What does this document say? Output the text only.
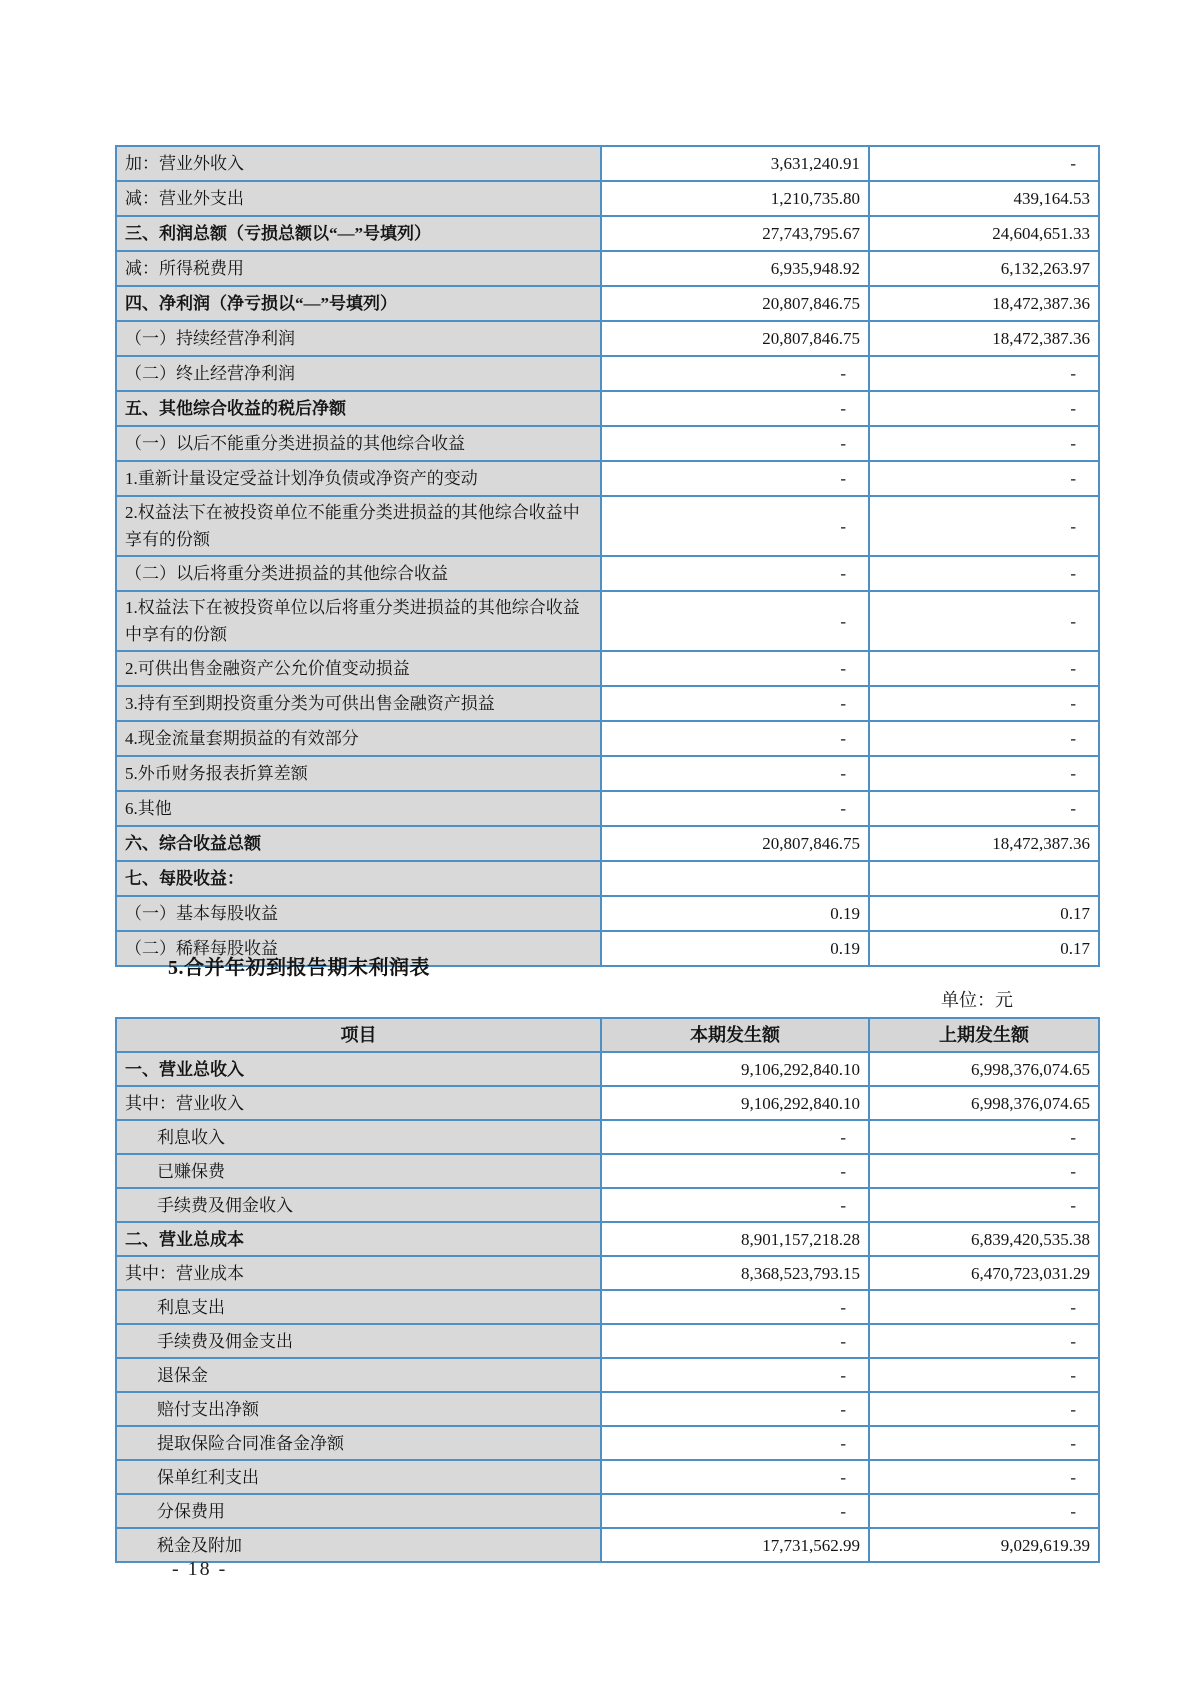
加：营业外收入	3,631,240.91	-
减：营业外支出	1,210,735.80	439,164.53
三、利润总额（亏损总额以“—”号填列）	27,743,795.67	24,604,651.33
减：所得税费用	6,935,948.92	6,132,263.97
四、净利润（净亏损以“—”号填列）	20,807,846.75	18,472,387.36
（一）持续经营净利润	20,807,846.75	18,472,387.36
（二）终止经营净利润	-	-
五、其他综合收益的税后净额	-	-
（一）以后不能重分类进损益的其他综合收益	-	-
1.重新计量设定受益计划净负债或净资产的变动	-	-
2.权益法下在被投资单位不能重分类进损益的其他综合收益中享有的份额	-	-
（二）以后将重分类进损益的其他综合收益	-	-
1.权益法下在被投资单位以后将重分类进损益的其他综合收益中享有的份额	-	-
2.可供出售金融资产公允价值变动损益	-	-
3.持有至到期投资重分类为可供出售金融资产损益	-	-
4.现金流量套期损益的有效部分	-	-
5.外币财务报表折算差额	-	-
6.其他	-	-
六、综合收益总额	20,807,846.75	18,472,387.36
七、每股收益：		
（一）基本每股收益	0.19	0.17
（二）稀释每股收益	0.19	0.17
5.合并年初到报告期末利润表
单位：元
项目	本期发生额	上期发生额
一、营业总收入	9,106,292,840.10	6,998,376,074.65
其中：营业收入	9,106,292,840.10	6,998,376,074.65
利息收入	-	-
已赚保费	-	-
手续费及佣金收入	-	-
二、营业总成本	8,901,157,218.28	6,839,420,535.38
其中：营业成本	8,368,523,793.15	6,470,723,031.29
利息支出	-	-
手续费及佣金支出	-	-
退保金	-	-
赔付支出净额	-	-
提取保险合同准备金净额	-	-
保单红利支出	-	-
分保费用	-	-
税金及附加	17,731,562.99	9,029,619.39
- 18 -
